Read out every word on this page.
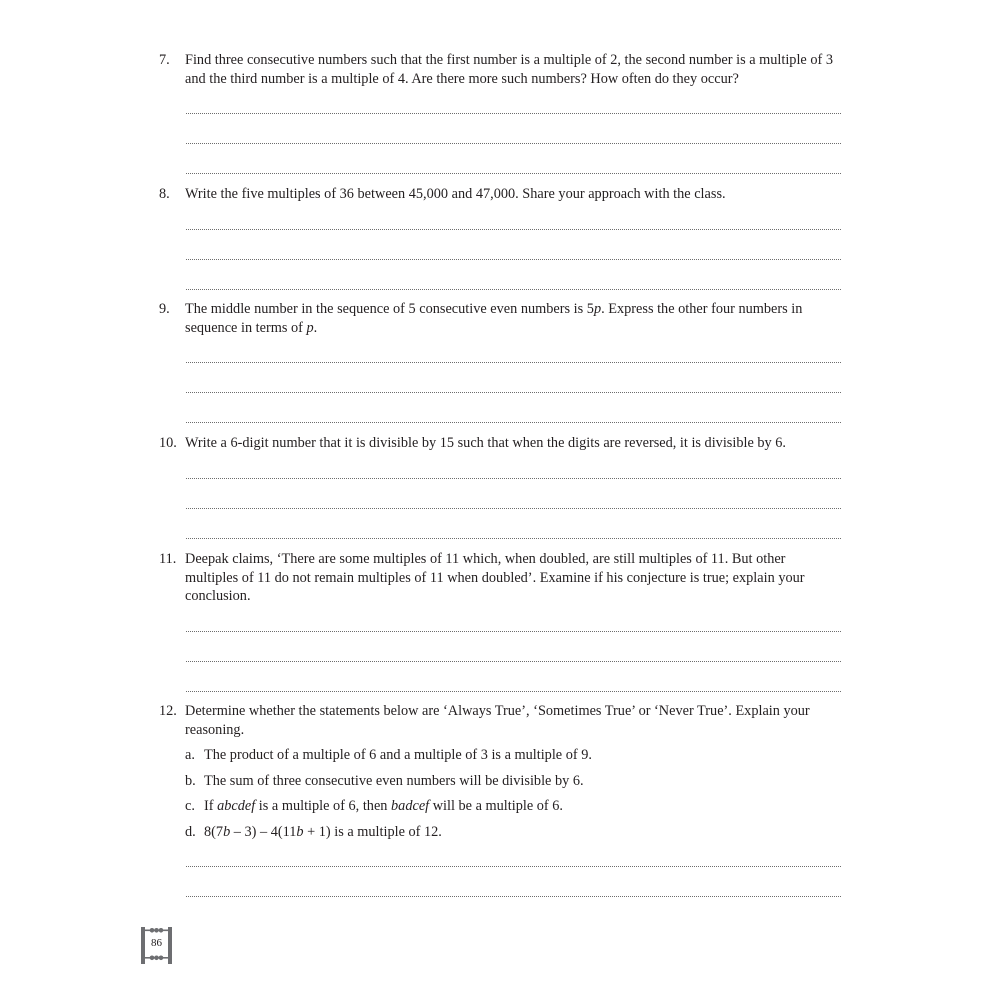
7. Find three consecutive numbers such that the first number is a multiple of 2, the second number is a multiple of 3 and the third number is a multiple of 4. Are there more such numbers? How often do they occur?
8. Write the five multiples of 36 between 45,000 and 47,000. Share your approach with the class.
9. The middle number in the sequence of 5 consecutive even numbers is 5p. Express the other four numbers in sequence in terms of p.
10. Write a 6-digit number that it is divisible by 15 such that when the digits are reversed, it is divisible by 6.
11. Deepak claims, ‘There are some multiples of 11 which, when doubled, are still multiples of 11. But other multiples of 11 do not remain multiples of 11 when doubled’. Examine if his conjecture is true; explain your conclusion.
12. Determine whether the statements below are ‘Always True’, ‘Sometimes True’ or ‘Never True’. Explain your reasoning.
a. The product of a multiple of 6 and a multiple of 3 is a multiple of 9.
b. The sum of three consecutive even numbers will be divisible by 6.
c. If abcdef is a multiple of 6, then badcef will be a multiple of 6.
d. 8(7b – 3) – 4(11b + 1) is a multiple of 12.
86
